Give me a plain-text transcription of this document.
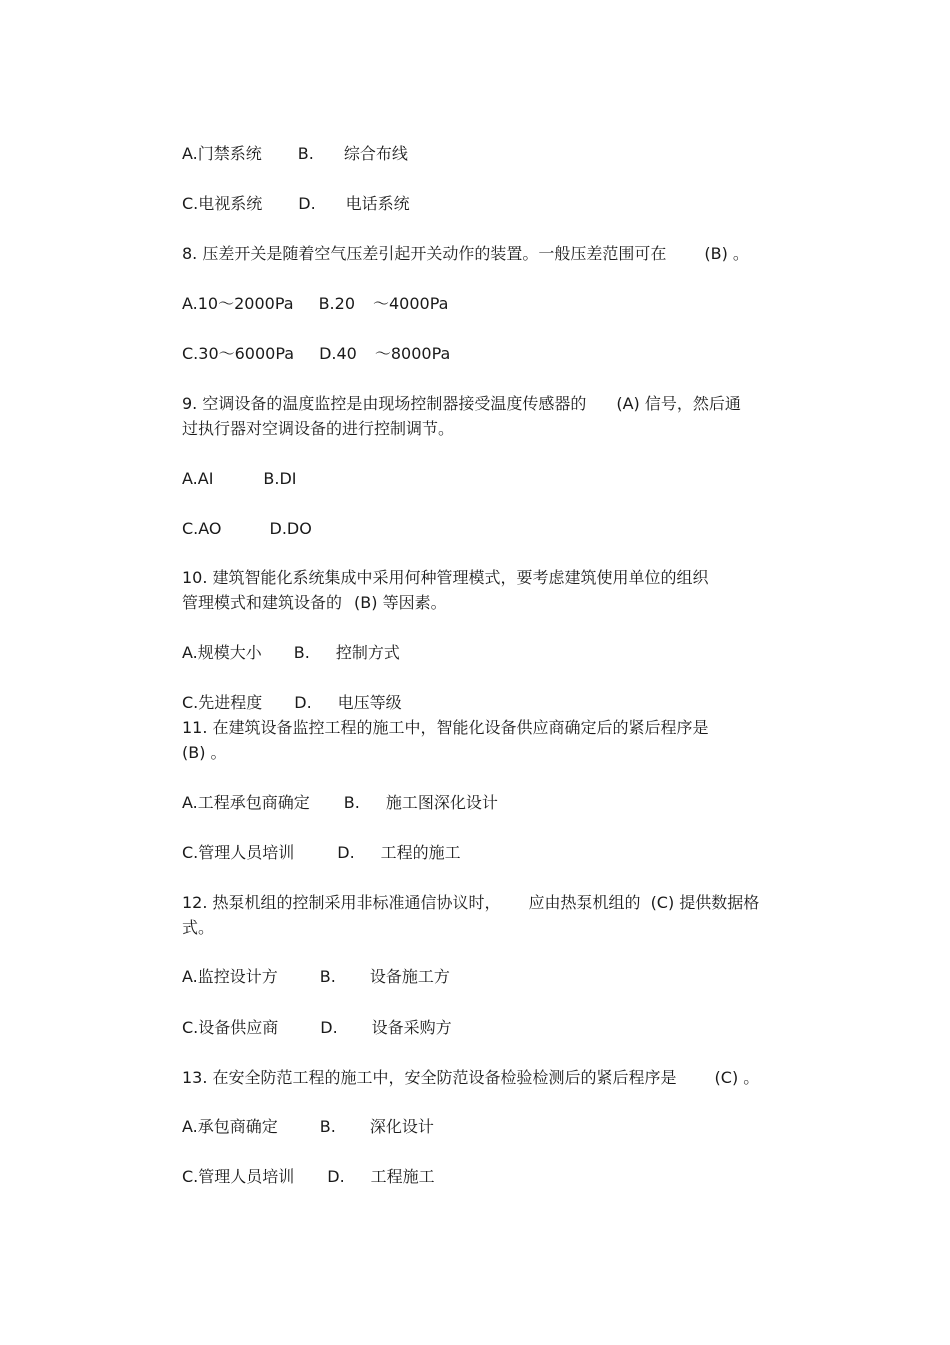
A.门禁系统 B. 综合布线
C.电视系统 D. 电话系统
8. 压差开关是随着空气压差引起开关动作的装置。一般压差范围可在 (B) 。
A.10～2000Pa B.20 ～4000Pa
C.30～6000Pa D.40 ～8000Pa
9. 空调设备的温度监控是由现场控制器接受温度传感器的 (A) 信号，然后通
过执行器对空调设备的进行控制调节。
A.AI	B.DI
C.AO	D.DO
10. 建筑智能化系统集成中采用何种管理模式，要考虑建筑使用单位的组织
管理模式和建筑设备的 (B) 等因素。
A.规模大小 B. 控制方式
C.先进程度 D. 电压等级
11. 在建筑设备监控工程的施工中，智能化设备供应商确定后的紧后程序是
(B) 。
A.工程承包商确定 B. 施工图深化设计
C.管理人员培训	D. 工程的施工
12. 热泵机组的控制采用非标准通信协议时， 应由热泵机组的 (C) 提供数据格
式。
A.监控设计方	B. 设备施工方
C.设备供应商	D. 设备采购方
13. 在安全防范工程的施工中，安全防范设备检验检测后的紧后程序是 (C) 。
A.承包商确定	B. 深化设计
C.管理人员培训 D. 工程施工
